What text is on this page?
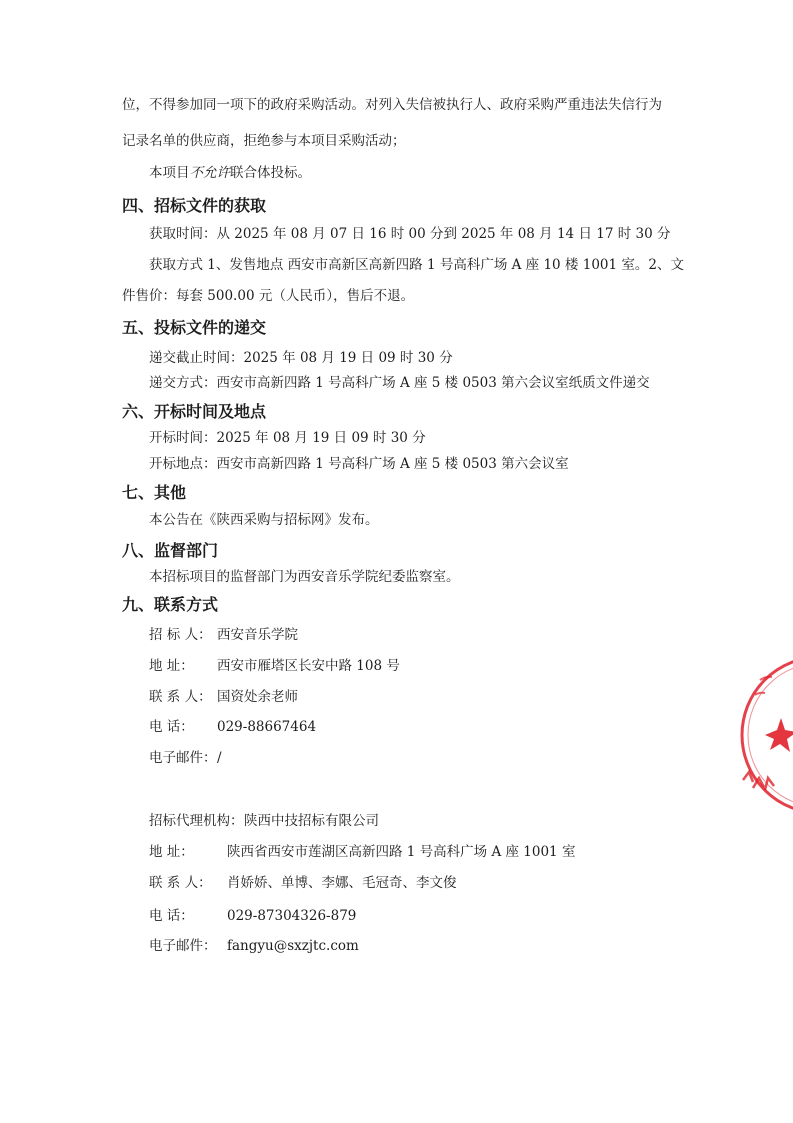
位，不得参加同一项下的政府采购活动。对列入失信被执行人、政府采购严重违法失信行为
记录名单的供应商，拒绝参与本项目采购活动；
本项目不允许联合体投标。
四、招标文件的获取
获取时间：从 2025 年 08 月 07 日 16 时 00 分到 2025 年 08 月 14 日 17 时 30 分
获取方式 1、发售地点 西安市高新区高新四路 1 号高科广场 A 座 10 楼 1001 室。2、文
件售价：每套 500.00 元（人民币），售后不退。
五、投标文件的递交
递交截止时间：2025 年 08 月 19 日 09 时 30 分
递交方式：西安市高新四路 1 号高科广场 A 座 5 楼 0503 第六会议室纸质文件递交
六、开标时间及地点
开标时间：2025 年 08 月 19 日 09 时 30 分
开标地点：西安市高新四路 1 号高科广场 A 座 5 楼 0503 第六会议室
七、其他
本公告在《陕西采购与招标网》发布。
八、监督部门
本招标项目的监督部门为西安音乐学院纪委监察室。
九、联系方式
招 标 人： 西安音乐学院
地 址： 西安市雁塔区长安中路 108 号
联 系 人： 国资处余老师
电 话： 029-88667464
电子邮件：/
招标代理机构：陕西中技招标有限公司
地 址： 陕西省西安市莲湖区高新四路 1 号高科广场 A 座 1001 室
联 系 人： 肖娇娇、单博、李娜、毛冠奇、李文俊
电 话： 029-87304326-879
电子邮件： fangyu@sxzjtc.com
